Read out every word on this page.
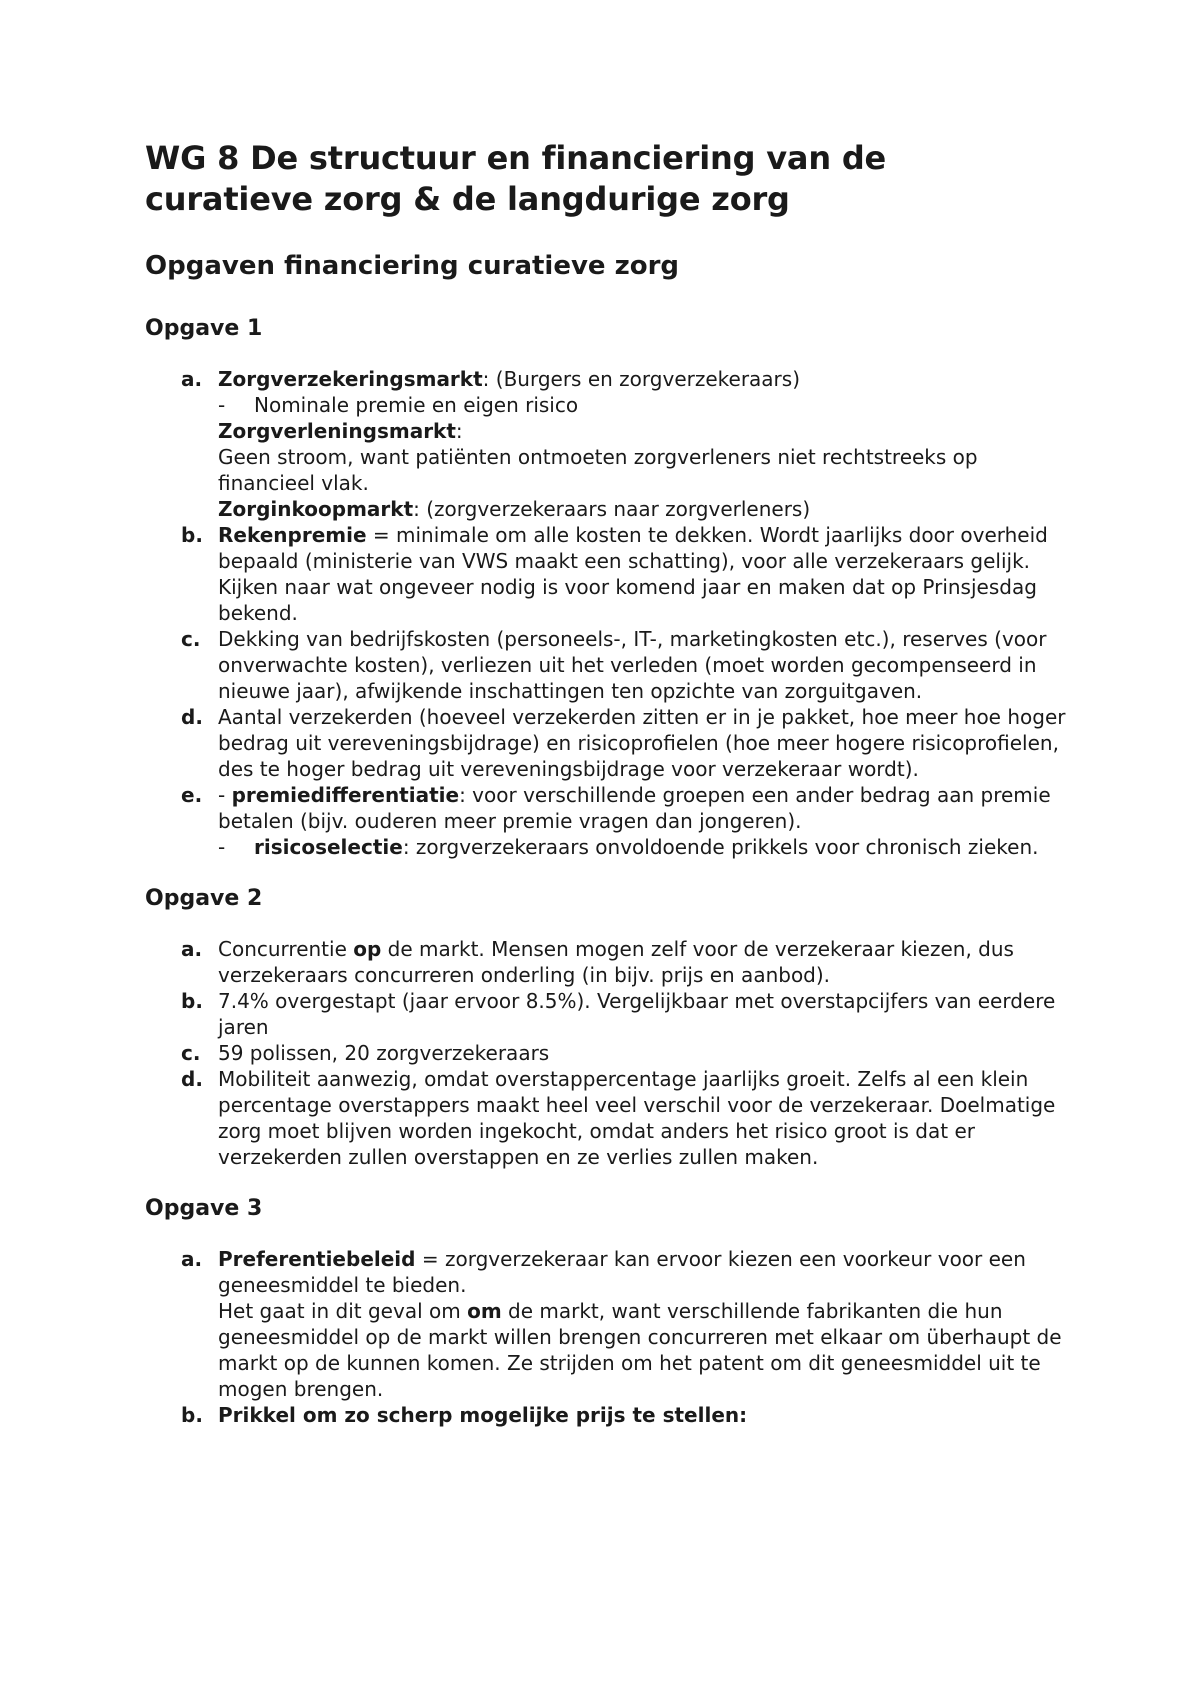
WG 8 De structuur en financiering van de
curatieve zorg & de langdurige zorg
Opgaven financiering curatieve zorg
Opgave 1
a. Zorgverzekeringsmarkt: (Burgers en zorgverzekeraars)

- Nominale premie en eigen risico

Zorgverleningsmarkt:

Geen stroom, want patiënten ontmoeten zorgverleners niet rechtstreeks op financieel vlak.

Zorginkoopmarkt: (zorgverzekeraars naar zorgverleners)

b. Rekenpremie = minimale om alle kosten te dekken. Wordt jaarlijks door overheid bepaald (ministerie van VWS maakt een schatting), voor alle verzekeraars gelijk. Kijken naar wat ongeveer nodig is voor komend jaar en maken dat op Prinsjesdag bekend.

c. Dekking van bedrijfskosten (personeels-, IT-, marketingkosten etc.), reserves (voor onverwachte kosten), verliezen uit het verleden (moet worden gecompenseerd in nieuwe jaar), afwijkende inschattingen ten opzichte van zorguitgaven.

d. Aantal verzekerden (hoeveel verzekerden zitten er in je pakket, hoe meer hoe hoger bedrag uit vereveningsbijdrage) en risicoprofielen (hoe meer hogere risicoprofielen, des te hoger bedrag uit vereveningsbijdrage voor verzekeraar wordt).

e. - premiedifferentiatie: voor verschillende groepen een ander bedrag aan premie betalen (bijv. ouderen meer premie vragen dan jongeren).

- risicoselectie: zorgverzekeraars onvoldoende prikkels voor chronisch zieken.

Opgave 2
a. Concurrentie op de markt. Mensen mogen zelf voor de verzekeraar kiezen, dus verzekeraars concurreren onderling (in bijv. prijs en aanbod).

b. 7.4% overgestapt (jaar ervoor 8.5%). Vergelijkbaar met overstapcijfers van eerdere jaren

c. 59 polissen, 20 zorgverzekeraars

d. Mobiliteit aanwezig, omdat overstappercentage jaarlijks groeit. Zelfs al een klein percentage overstappers maakt heel veel verschil voor de verzekeraar. Doelmatige zorg moet blijven worden ingekocht, omdat anders het risico groot is dat er verzekerden zullen overstappen en ze verlies zullen maken.

Opgave 3
a. Preferentiebeleid = zorgverzekeraar kan ervoor kiezen een voorkeur voor een geneesmiddel te bieden.

Het gaat in dit geval om om de markt, want verschillende fabrikanten die hun geneesmiddel op de markt willen brengen concurreren met elkaar om überhaupt de markt op de kunnen komen. Ze strijden om het patent om dit geneesmiddel uit te mogen brengen.

b. Prikkel om zo scherp mogelijke prijs te stellen:
